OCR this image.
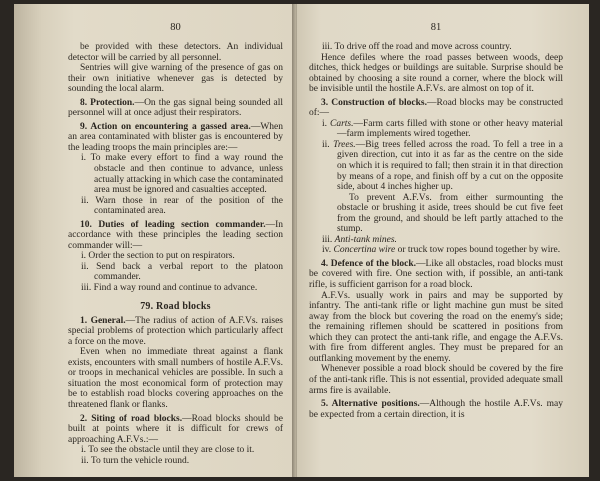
80

be provided with these detectors. An individual detector will be carried by all personnel.

Sentries will give warning of the presence of gas on their own initiative whenever gas is detected by sounding the local alarm.

8. Protection.—On the gas signal being sounded all personnel will at once adjust their respirators.

9. Action on encountering a gassed area.—When an area contaminated with blister gas is encountered by the leading troops the main principles are:—

i. To make every effort to find a way round the obstacle and then continue to advance, unless actually attacking in which case the contaminated area must be ignored and casualties accepted.

ii. Warn those in rear of the position of the contaminated area.

10. Duties of leading section commander.—In accordance with these principles the leading section commander will:—

i. Order the section to put on respirators.

ii. Send back a verbal report to the platoon commander.

iii. Find a way round and continue to advance.

79. Road blocks

1. General.—The radius of action of A.F.Vs. raises special problems of protection which particularly affect a force on the move.

Even when no immediate threat against a flank exists, encounters with small numbers of hostile A.F.Vs. or troops in mechanical vehicles are possible. In such a situation the most economical form of protection may be to establish road blocks covering approaches on the threatened flank or flanks.

2. Siting of road blocks.—Road blocks should be built at points where it is difficult for crews of approaching A.F.Vs.:—

i. To see the obstacle until they are close to it.

ii. To turn the vehicle round.

81

iii. To drive off the road and move across country.

Hence defiles where the road passes between woods, deep ditches, thick hedges or buildings are suitable. Surprise should be obtained by choosing a site round a corner, where the block will be invisible until the hostile A.F.Vs. are almost on top of it.

3. Construction of blocks.—Road blocks may be constructed of:—

i. Carts.—Farm carts filled with stone or other heavy material—farm implements wired together.

ii. Trees.—Big trees felled across the road. To fell a tree in a given direction, cut into it as far as the centre on the side on which it is required to fall; then strain it in that direction by means of a rope, and finish off by a cut on the opposite side, about 4 inches higher up.

To prevent A.F.Vs. from either surmounting the obstacle or brushing it aside, trees should be cut five feet from the ground, and should be left partly attached to the stump.

iii. Anti-tank mines.

iv. Concertina wire or truck tow ropes bound together by wire.

4. Defence of the block.—Like all obstacles, road blocks must be covered with fire. One section with, if possible, an anti-tank rifle, is sufficient garrison for a road block.

A.F.Vs. usually work in pairs and may be supported by infantry. The anti-tank rifle or light machine gun must be sited away from the block but covering the road on the enemy's side; the remaining riflemen should be scattered in positions from which they can protect the anti-tank rifle, and engage the A.F.Vs. with fire from different angles. They must be prepared for an outflanking movement by the enemy.

Whenever possible a road block should be covered by the fire of the anti-tank rifle. This is not essential, provided adequate small arms fire is available.

5. Alternative positions.—Although the hostile A.F.Vs. may be expected from a certain direction, it is
